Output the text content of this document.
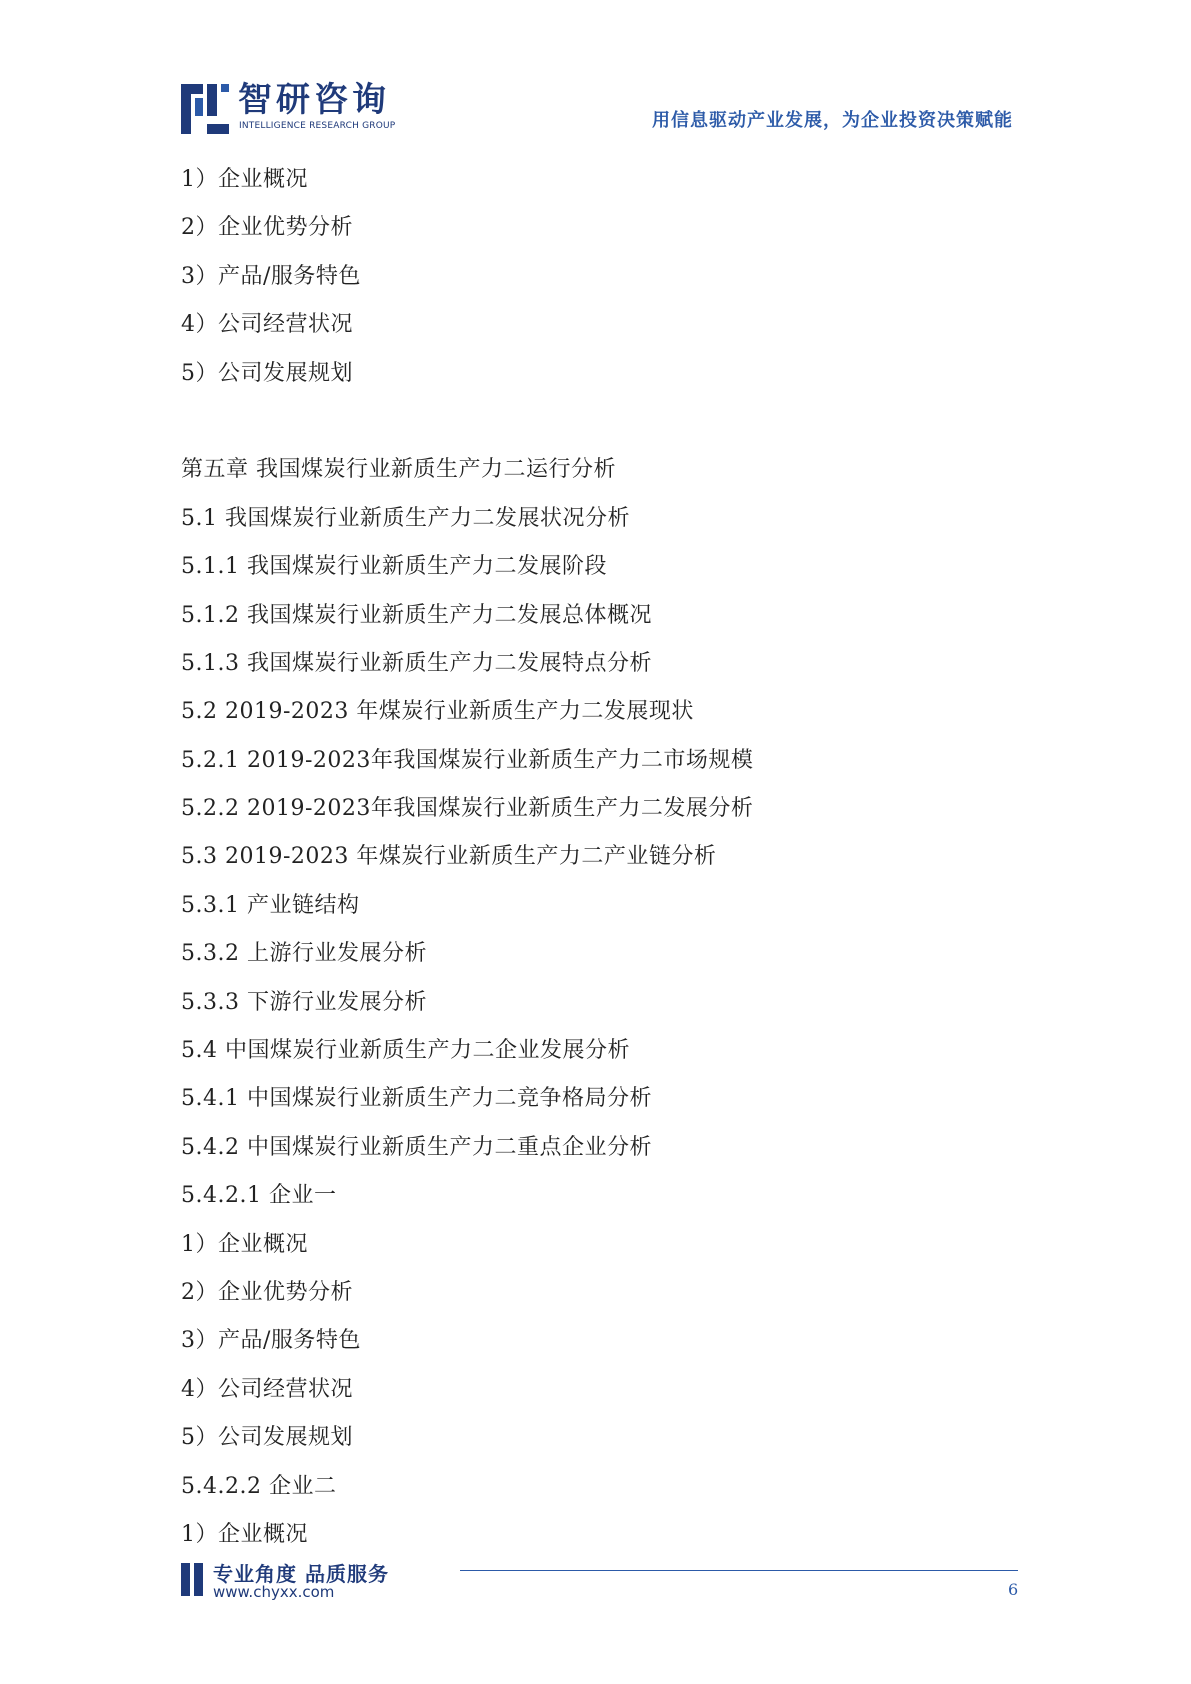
智研咨询
INTELLIGENCE RESEARCH GROUP	用信息驱动产业发展，为企业投资决策赋能
1）企业概况
2）企业优势分析
3）产品/服务特色
4）公司经营状况
5）公司发展规划
第五章 我国煤炭行业新质生产力二运行分析
5.1 我国煤炭行业新质生产力二发展状况分析
5.1.1 我国煤炭行业新质生产力二发展阶段
5.1.2 我国煤炭行业新质生产力二发展总体概况
5.1.3 我国煤炭行业新质生产力二发展特点分析
5.2 2019-2023 年煤炭行业新质生产力二发展现状
5.2.1 2019-2023年我国煤炭行业新质生产力二市场规模
5.2.2 2019-2023年我国煤炭行业新质生产力二发展分析
5.3 2019-2023 年煤炭行业新质生产力二产业链分析
5.3.1 产业链结构
5.3.2 上游行业发展分析
5.3.3 下游行业发展分析
5.4 中国煤炭行业新质生产力二企业发展分析
5.4.1 中国煤炭行业新质生产力二竞争格局分析
5.4.2 中国煤炭行业新质生产力二重点企业分析
5.4.2.1 企业一
1）企业概况
2）企业优势分析
3）产品/服务特色
4）公司经营状况
5）公司发展规划
5.4.2.2 企业二
1）企业概况
专业角度 品质服务
www.chyxx.com	6
